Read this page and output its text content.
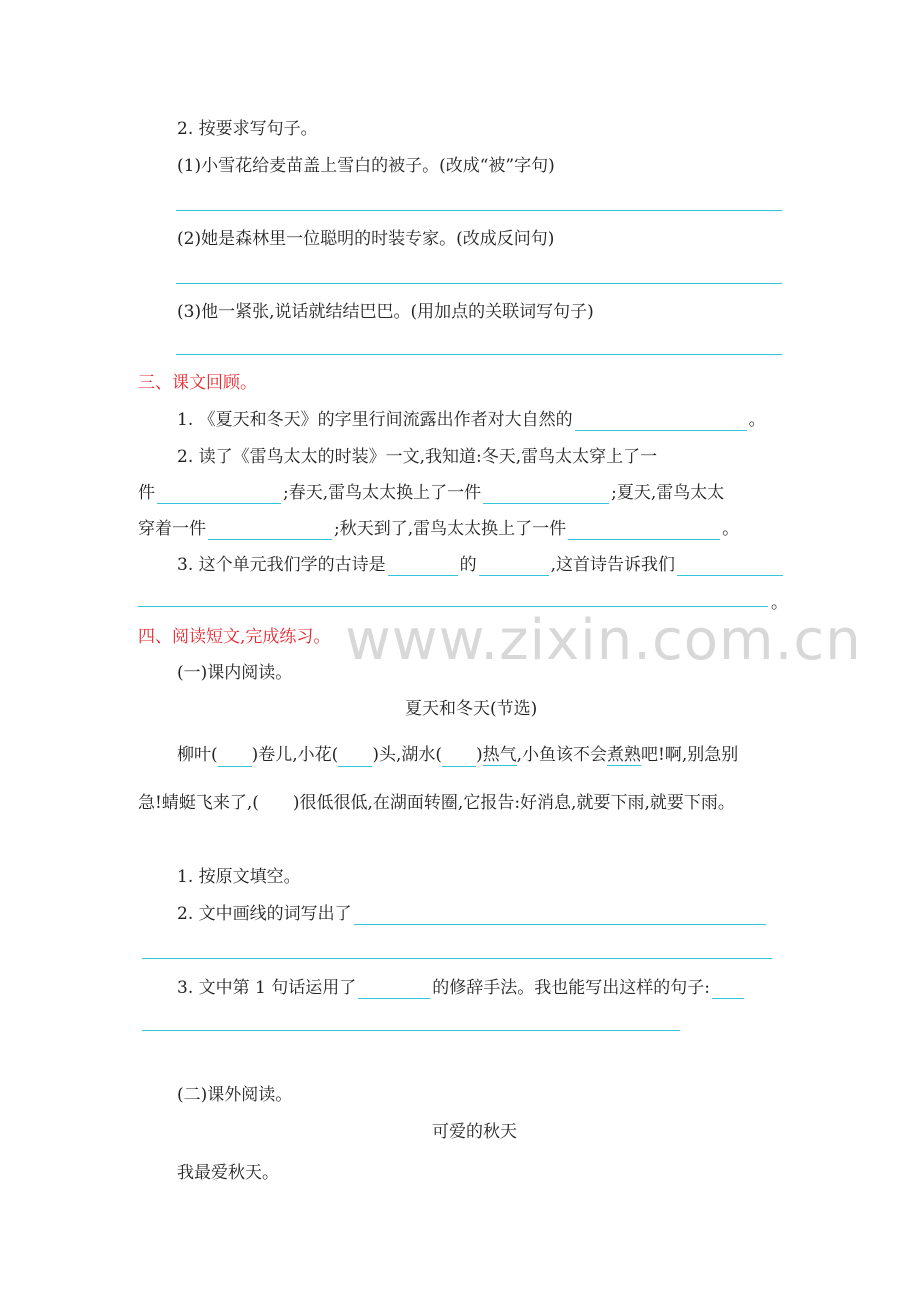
2. 按要求写句子。
(1)小雪花给麦苗盖上雪白的被子。(改成“被”字句)
(2)她是森林里一位聪明的时装专家。(改成反问句)
(3)他一紧张,说话就结结巴巴。(用加点的关联词写句子)
三、课文回顾。
1. 《夏天和冬天》的字里行间流露出作者对大自然的	。
2. 读了《雷鸟太太的时装》一文,我知道:冬天,雷鸟太太穿上了一
件	;春天,雷鸟太太换上了一件	;夏天,雷鸟太太
穿着一件	;秋天到了,雷鸟太太换上了一件	。
3. 这个单元我们学的古诗是	的	,这首诗告诉我们
。
www.zixin.com.cn
四、阅读短文,完成练习。
(一)课内阅读。
夏天和冬天(节选)
柳叶( )卷儿,小花( )头,湖水( )热气,小鱼该不会煮熟吧!啊,别急别
急!蜻蜓飞来了,( )很低很低,在湖面转圈,它报告:好消息,就要下雨,就要下雨。
1. 按原文填空。
2. 文中画线的词写出了
3. 文中第 1 句话运用了	的修辞手法。我也能写出这样的句子:
(二)课外阅读。
可爱的秋天
我最爱秋天。
